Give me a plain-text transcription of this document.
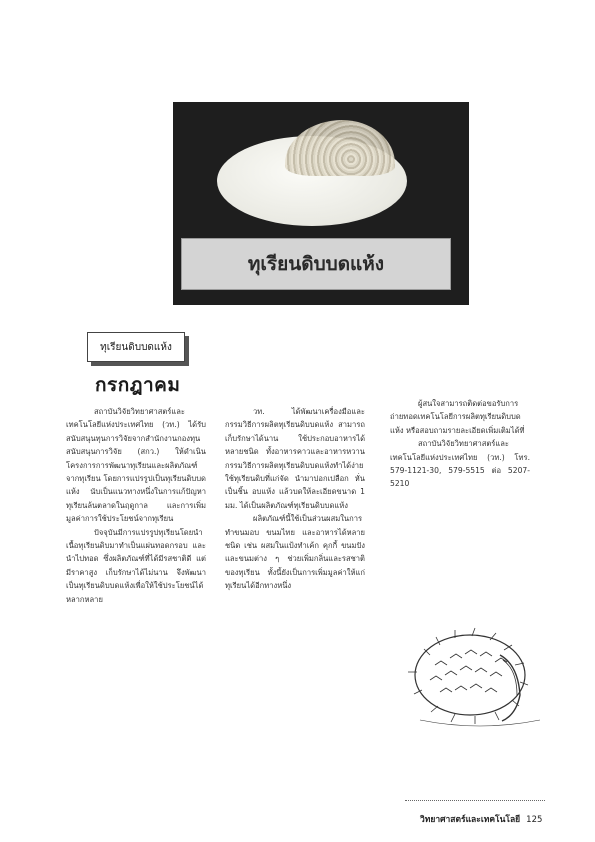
ทุเรียนดิบบดแห้ง
ทุเรียนดิบบดแห้ง
กรกฎาคม

สถาบันวิจัยวิทยาศาสตร์และเทคโนโลยีแห่งประเทศไทย (วท.) ได้รับสนับสนุนทุนการวิจัยจากสำนักงานกองทุนสนับสนุนการวิจัย (สกว.) ให้ดำเนินโครงการการพัฒนาทุเรียนและผลิตภัณฑ์จากทุเรียน โดยการแปรรูปเป็นทุเรียนดิบบดแห้ง นับเป็นแนวทางหนึ่งในการแก้ปัญหาทุเรียนล้นตลาดในฤดูกาล และการเพิ่มมูลค่าการใช้ประโยชน์จากทุเรียน

ปัจจุบันมีการแปรรูปทุเรียนโดยนำเนื้อทุเรียนดิบมาทำเป็นแผ่นทอดกรอบ และนำไปทอด ซึ่งผลิตภัณฑ์ที่ได้มีรสชาติดี แต่มีราคาสูง เก็บรักษาได้ไม่นาน จึงพัฒนาเป็นทุเรียนดิบบดแห้งเพื่อให้ใช้ประโยชน์ได้หลากหลาย

วท. ได้พัฒนาเครื่องมือและกรรมวิธีการผลิตทุเรียนดิบบดแห้ง สามารถเก็บรักษาได้นาน ใช้ประกอบอาหารได้หลายชนิด ทั้งอาหารคาวและอาหารหวาน กรรมวิธีการผลิตทุเรียนดิบบดแห้งทำได้ง่าย ใช้ทุเรียนดิบที่แก่จัด นำมาปอกเปลือก หั่นเป็นชิ้น อบแห้ง แล้วบดให้ละเอียดขนาด 1 มม. ได้เป็นผลิตภัณฑ์ทุเรียนดิบบดแห้ง

ผลิตภัณฑ์นี้ใช้เป็นส่วนผสมในการทำขนมอบ ขนมไทย และอาหารได้หลายชนิด เช่น ผสมในแป้งทำเค้ก คุกกี้ ขนมปัง และขนมต่าง ๆ ช่วยเพิ่มกลิ่นและรสชาติของทุเรียน ทั้งนี้ยังเป็นการเพิ่มมูลค่าให้แก่ทุเรียนได้อีกทางหนึ่ง

ผู้สนใจสามารถติดต่อขอรับการถ่ายทอดเทคโนโลยีการผลิตทุเรียนดิบบดแห้ง หรือสอบถามรายละเอียดเพิ่มเติมได้ที่

สถาบันวิจัยวิทยาศาสตร์และเทคโนโลยีแห่งประเทศไทย (วท.) โทร. 579-1121-30, 579-5515 ต่อ 5207-5210

วิทยาศาสตร์และเทคโนโลยี 125
